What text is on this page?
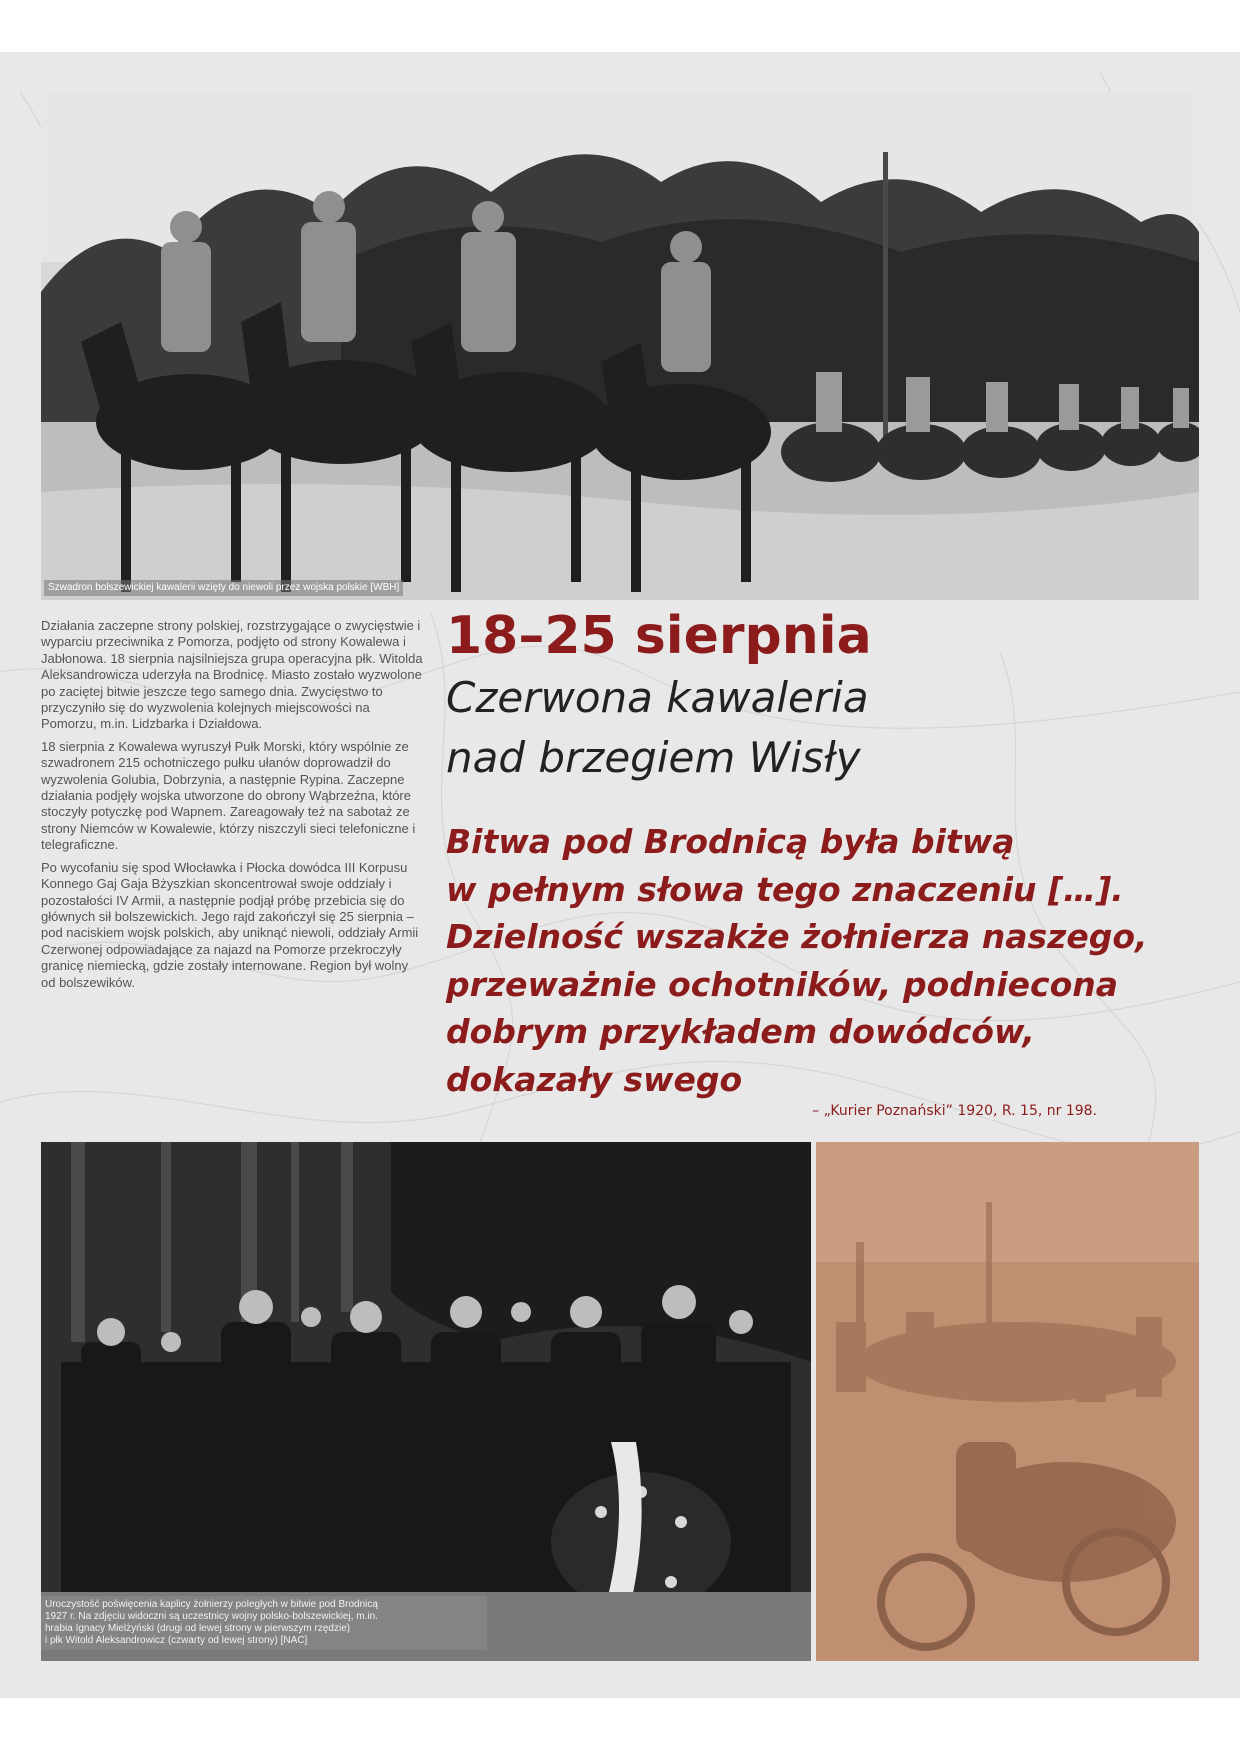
Szwadron bolszewickiej kawalerii wzięty do niewoli przez wojska polskie [WBH]

Działania zaczepne strony polskiej, rozstrzygające o zwycięstwie i wyparciu przeciwnika z Pomorza, podjęto od strony Kowalewa i Jabłonowa. 18 sierpnia najsilniejsza grupa operacyjna płk. Witolda Aleksandrowicza uderzyła na Brodnicę. Miasto zostało wyzwolone po zaciętej bitwie jeszcze tego samego dnia. Zwycięstwo to przyczyniło się do wyzwolenia kolejnych miejscowości na Pomorzu, m.in. Lidzbarka i Działdowa.

18 sierpnia z Kowalewa wyruszył Pułk Morski, który wspólnie ze szwadronem 215 ochotniczego pułku ułanów doprowadził do wyzwolenia Golubia, Dobrzynia, a następnie Rypina. Zaczepne działania podjęły wojska utworzone do obrony Wąbrzeźna, które stoczyły potyczkę pod Wapnem. Zareagowały też na sabotaż ze strony Niemców w Kowalewie, którzy niszczyli sieci telefoniczne i telegraficzne.

Po wycofaniu się spod Włocławka i Płocka dowódca III Korpusu Konnego Gaj Gaja Bżyszkian skoncentrował swoje oddziały i pozostałości IV Armii, a następnie podjął próbę przebicia się do głównych sił bolszewickich. Jego rajd zakończył się 25 sierpnia – pod naciskiem wojsk polskich, aby uniknąć niewoli, oddziały Armii Czerwonej odpowiadające za najazd na Pomorze przekroczyły granicę niemiecką, gdzie zostały internowane. Region był wolny od bolszewików.

18–25 sierpnia
Czerwona kawaleria
nad brzegiem Wisły
Bitwa pod Brodnicą była bitwą
w pełnym słowa tego znaczeniu […].
Dzielność wszakże żołnierza naszego,
przeważnie ochotników, podniecona
dobrym przykładem dowódców,
dokazały swego
– „Kurier Poznański” 1920, R. 15, nr 198.
Uroczystość poświęcenia kaplicy żołnierzy poległych w bitwie pod Brodnicą
1927 r. Na zdjęciu widoczni są uczestnicy wojny polsko-bolszewickiej, m.in.
hrabia Ignacy Mielżyński (drugi od lewej strony w pierwszym rzędzie)
i płk Witold Aleksandrowicz (czwarty od lewej strony) [NAC]
